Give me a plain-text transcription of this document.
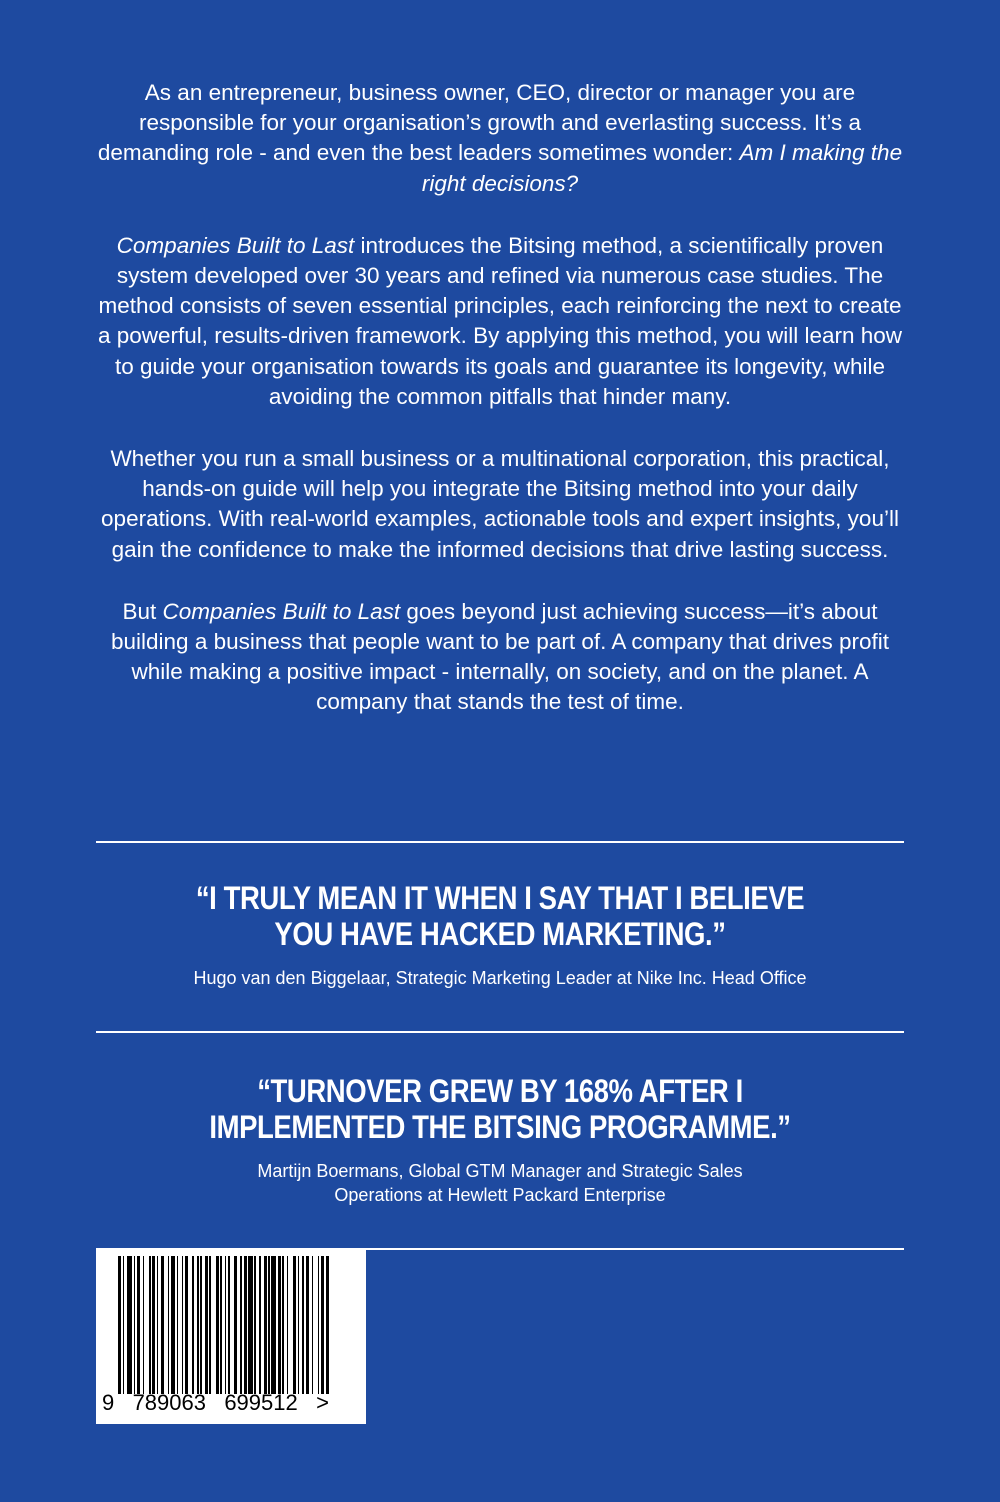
As an entrepreneur, business owner, CEO, director or manager you are responsible for your organisation’s growth and everlasting success. It’s a demanding role - and even the best leaders sometimes wonder: Am I making the right decisions?

Companies Built to Last introduces the Bitsing method, a scientifically proven system developed over 30 years and refined via numerous case studies. The method consists of seven essential principles, each reinforcing the next to create a powerful, results-driven framework. By applying this method, you will learn how to guide your organisation towards its goals and guarantee its longevity, while avoiding the common pitfalls that hinder many.

Whether you run a small business or a multinational corporation, this practical, hands-on guide will help you integrate the Bitsing method into your daily operations. With real-world examples, actionable tools and expert insights, you’ll gain the confidence to make the informed decisions that drive lasting success.

But Companies Built to Last goes beyond just achieving success—it’s about building a business that people want to be part of. A company that drives profit while making a positive impact - internally, on society, and on the planet. A company that stands the test of time.

“I TRULY MEAN IT WHEN I SAY THAT I BELIEVE
YOU HAVE HACKED MARKETING.”
Hugo van den Biggelaar, Strategic Marketing Leader at Nike Inc. Head Office
“TURNOVER GREW BY 168% AFTER I
IMPLEMENTED THE BITSING PROGRAMME.”
Martijn Boermans, Global GTM Manager and Strategic Sales
Operations at Hewlett Packard Enterprise
9   789063   699512   >
